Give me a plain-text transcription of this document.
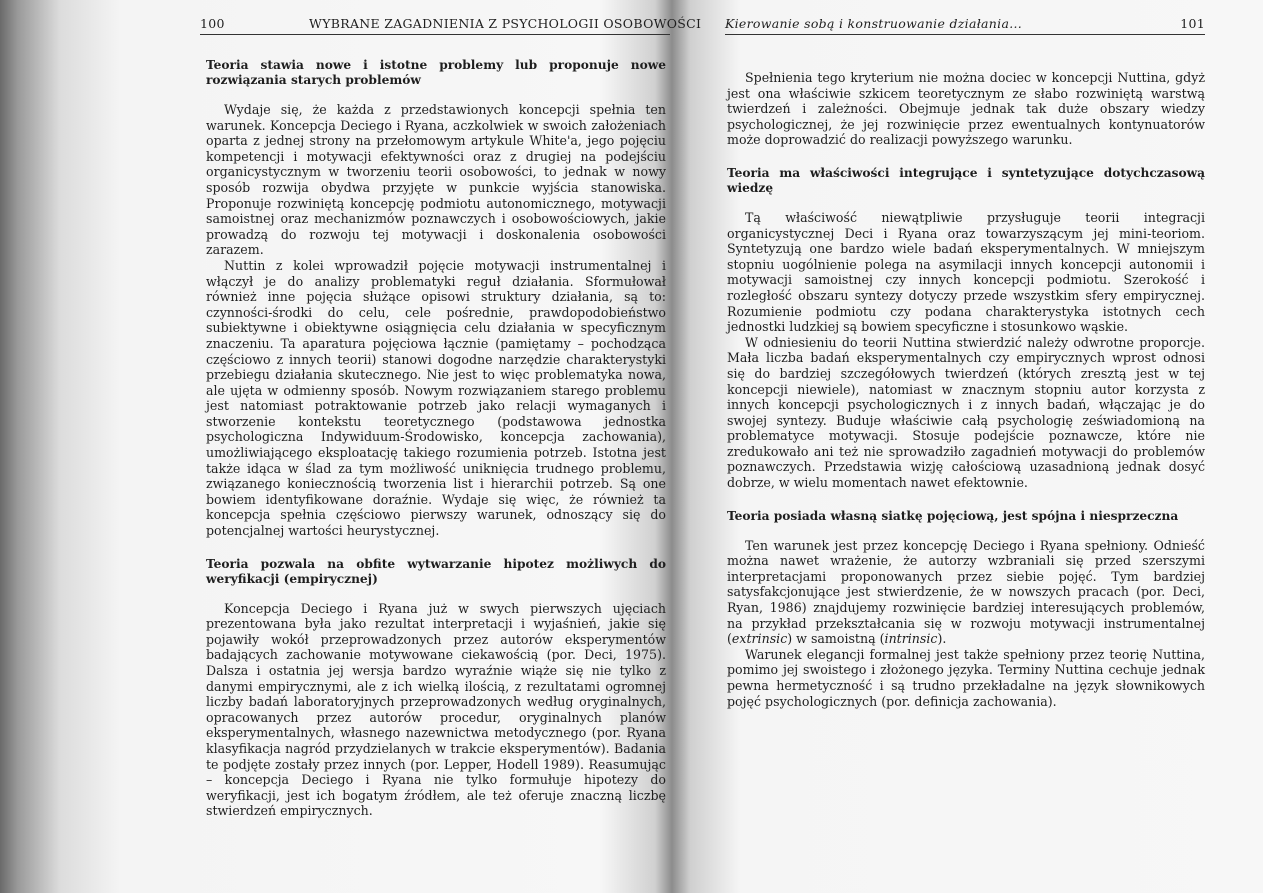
100	WYBRANE ZAGADNIENIA Z PSYCHOLOGII OSOBOWOŚCI
Teoria stawia nowe i istotne problemy lub proponuje nowe rozwiązania starych problemów

Wydaje się, że każda z przedstawionych koncepcji spełnia ten warunek. Koncepcja Deciego i Ryana, aczkolwiek w swoich założeniach oparta z jednej strony na przełomowym artykule White'a, jego pojęciu kompetencji i motywacji efektywności oraz z drugiej na podejściu organicystycznym w tworzeniu teorii osobowości, to jednak w nowy sposób rozwija obydwa przyjęte w punkcie wyjścia stanowiska. Proponuje rozwiniętą koncepcję podmiotu autonomicznego, motywacji samoistnej oraz mechanizmów poznawczych i osobowościowych, jakie prowadzą do rozwoju tej motywacji i doskonalenia osobowości zarazem.

Nuttin z kolei wprowadził pojęcie motywacji instrumentalnej i włączył je do analizy problematyki reguł działania. Sformułował również inne pojęcia służące opisowi struktury działania, są to: czynności-środki do celu, cele pośrednie, prawdopodobieństwo subiektywne i obiektywne osiągnięcia celu działania w specyficznym znaczeniu. Ta aparatura pojęciowa łącznie (pamiętamy – pochodząca częściowo z innych teorii) stanowi dogodne narzędzie charakterystyki przebiegu działania skutecznego. Nie jest to więc problematyka nowa, ale ujęta w odmienny sposób. Nowym rozwiązaniem starego problemu jest natomiast potraktowanie potrzeb jako relacji wymaganych i stworzenie kontekstu teoretycznego (podstawowa jednostka psychologiczna Indywiduum-Środowisko, koncepcja zachowania), umożliwiającego eksploatację takiego rozumienia potrzeb. Istotna jest także idąca w ślad za tym możliwość uniknięcia trudnego problemu, związanego koniecznością tworzenia list i hierarchii potrzeb. Są one bowiem identyfikowane doraźnie. Wydaje się więc, że również ta koncepcja spełnia częściowo pierwszy warunek, odnoszący się do potencjalnej wartości heurystycznej.

Teoria pozwala na obfite wytwarzanie hipotez możliwych do weryfikacji (empirycznej)

Koncepcja Deciego i Ryana już w swych pierwszych ujęciach prezentowana była jako rezultat interpretacji i wyjaśnień, jakie się pojawiły wokół przeprowadzonych przez autorów eksperymentów badających zachowanie motywowane ciekawością (por. Deci, 1975). Dalsza i ostatnia jej wersja bardzo wyraźnie wiąże się nie tylko z danymi empirycznymi, ale z ich wielką ilością, z rezultatami ogromnej liczby badań laboratoryjnych przeprowadzonych według oryginalnych, opracowanych przez autorów procedur, oryginalnych planów eksperymentalnych, własnego nazewnictwa metodycznego (por. Ryana klasyfikacja nagród przydzielanych w trakcie eksperymentów). Badania te podjęte zostały przez innych (por. Lepper, Hodell 1989). Reasumując – koncepcja Deciego i Ryana nie tylko formułuje hipotezy do weryfikacji, jest ich bogatym źródłem, ale też oferuje znaczną liczbę stwierdzeń empirycznych.

Kierowanie sobą i konstruowanie działania...	101

Spełnienia tego kryterium nie można dociec w koncepcji Nuttina, gdyż jest ona właściwie szkicem teoretycznym ze słabo rozwiniętą warstwą twierdzeń i zależności. Obejmuje jednak tak duże obszary wiedzy psychologicznej, że jej rozwinięcie przez ewentualnych kontynuatorów może doprowadzić do realizacji powyższego warunku.

Teoria ma właściwości integrujące i syntetyzujące dotychczasową wiedzę

Tą właściwość niewątpliwie przysługuje teorii integracji organicystycznej Deci i Ryana oraz towarzyszącym jej mini-teoriom. Syntetyzują one bardzo wiele badań eksperymentalnych. W mniejszym stopniu uogólnienie polega na asymilacji innych koncepcji autonomii i motywacji samoistnej czy innych koncepcji podmiotu. Szerokość i rozległość obszaru syntezy dotyczy przede wszystkim sfery empirycznej. Rozumienie podmiotu czy podana charakterystyka istotnych cech jednostki ludzkiej są bowiem specyficzne i stosunkowo wąskie.

W odniesieniu do teorii Nuttina stwierdzić należy odwrotne proporcje. Mała liczba badań eksperymentalnych czy empirycznych wprost odnosi się do bardziej szczegółowych twierdzeń (których zresztą jest w tej koncepcji niewiele), natomiast w znacznym stopniu autor korzysta z innych koncepcji psychologicznych i z innych badań, włączając je do swojej syntezy. Buduje właściwie całą psychologię zeświadomioną na problematyce motywacji. Stosuje podejście poznawcze, które nie zredukowało ani też nie sprowadziło zagadnień motywacji do problemów poznawczych. Przedstawia wizję całościową uzasadnioną jednak dosyć dobrze, w wielu momentach nawet efektownie.

Teoria posiada własną siatkę pojęciową, jest spójna i niesprzeczna

Ten warunek jest przez koncepcję Deciego i Ryana spełniony. Odnieść można nawet wrażenie, że autorzy wzbraniali się przed szerszymi interpretacjami proponowanych przez siebie pojęć. Tym bardziej satysfakcjonujące jest stwierdzenie, że w nowszych pracach (por. Deci, Ryan, 1986) znajdujemy rozwinięcie bardziej interesujących problemów, na przykład przekształcania się w rozwoju motywacji instrumentalnej (extrinsic) w samoistną (intrinsic).

Warunek elegancji formalnej jest także spełniony przez teorię Nuttina, pomimo jej swoistego i złożonego języka. Terminy Nuttina cechuje jednak pewna hermetyczność i są trudno przekładalne na język słownikowych pojęć psychologicznych (por. definicja zachowania).
